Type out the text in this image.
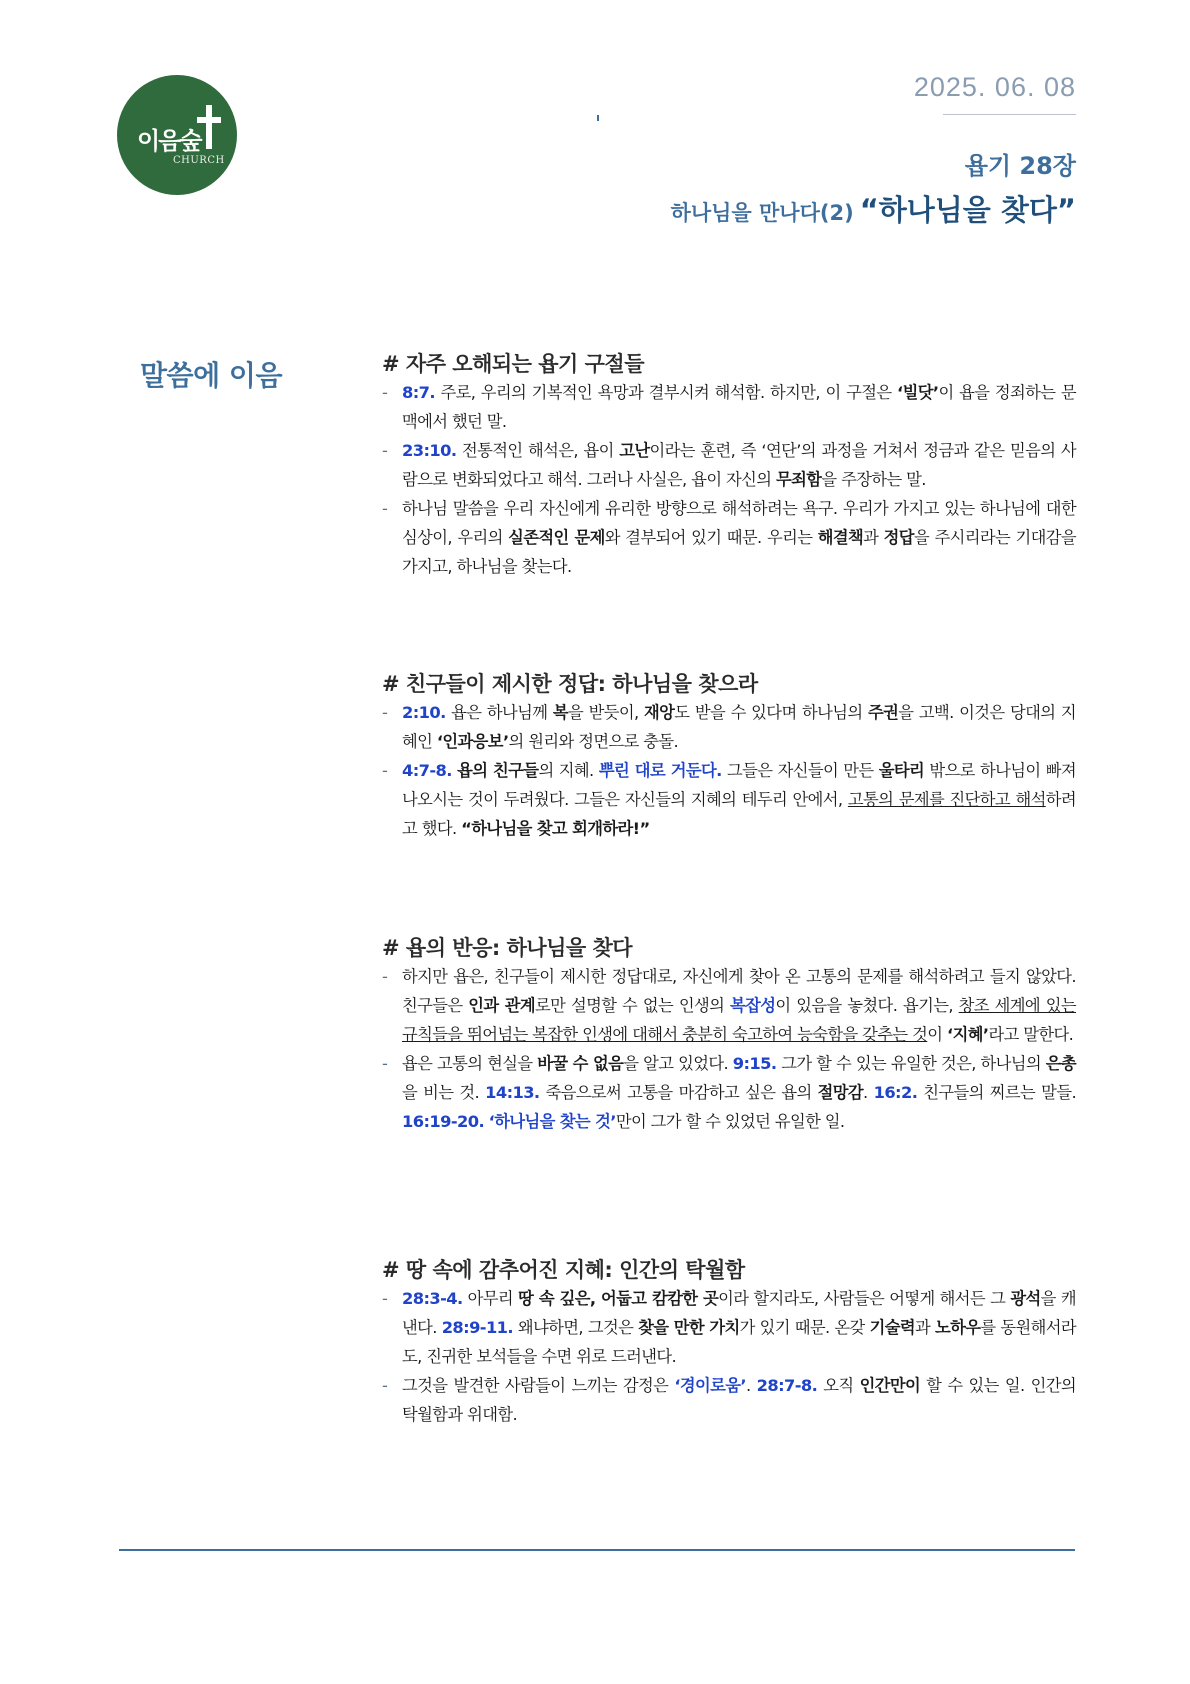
이음숲
CHURCH
2025. 06. 08
욥기 28장
하나님을 만나다(2) “하나님을 찾다”
말씀에 이음	# 자주 오해되는 욥기 구절들
- 8:7. 주로, 우리의 기복적인 욕망과 결부시켜 해석함. 하지만, 이 구절은 ‘빌닷’이 욥을 정죄하는 문맥에서 했던 말.
- 23:10. 전통적인 해석은, 욥이 고난이라는 훈련, 즉 ‘연단’의 과정을 거쳐서 정금과 같은 믿음의 사람으로 변화되었다고 해석. 그러나 사실은, 욥이 자신의 무죄함을 주장하는 말.
- 하나님 말씀을 우리 자신에게 유리한 방향으로 해석하려는 욕구. 우리가 가지고 있는 하나님에 대한 심상이, 우리의 실존적인 문제와 결부되어 있기 때문. 우리는 해결책과 정답을 주시리라는 기대감을 가지고, 하나님을 찾는다.
# 친구들이 제시한 정답: 하나님을 찾으라
- 2:10. 욥은 하나님께 복을 받듯이, 재앙도 받을 수 있다며 하나님의 주권을 고백. 이것은 당대의 지혜인 ‘인과응보’의 원리와 정면으로 충돌.
- 4:7-8. 욥의 친구들의 지혜. 뿌린 대로 거둔다. 그들은 자신들이 만든 울타리 밖으로 하나님이 빠져 나오시는 것이 두려웠다. 그들은 자신들의 지혜의 테두리 안에서, 고통의 문제를 진단하고 해석하려고 했다. “하나님을 찾고 회개하라!”
# 욥의 반응: 하나님을 찾다
- 하지만 욥은, 친구들이 제시한 정답대로, 자신에게 찾아 온 고통의 문제를 해석하려고 들지 않았다. 친구들은 인과 관계로만 설명할 수 없는 인생의 복잡성이 있음을 놓쳤다. 욥기는, 창조 세계에 있는 규칙들을 뛰어넘는 복잡한 인생에 대해서 충분히 숙고하여 능숙함을 갖추는 것이 ‘지혜’라고 말한다.
- 욥은 고통의 현실을 바꿀 수 없음을 알고 있었다. 9:15. 그가 할 수 있는 유일한 것은, 하나님의 은총을 비는 것. 14:13. 죽음으로써 고통을 마감하고 싶은 욥의 절망감. 16:2. 친구들의 찌르는 말들. 16:19-20. ‘하나님을 찾는 것’만이 그가 할 수 있었던 유일한 일.
# 땅 속에 감추어진 지혜: 인간의 탁월함
- 28:3-4. 아무리 땅 속 깊은, 어둡고 캄캄한 곳이라 할지라도, 사람들은 어떻게 해서든 그 광석을 캐낸다. 28:9-11. 왜냐하면, 그것은 찾을 만한 가치가 있기 때문. 온갖 기술력과 노하우를 동원해서라도, 진귀한 보석들을 수면 위로 드러낸다.
- 그것을 발견한 사람들이 느끼는 감정은 ‘경이로움’. 28:7-8. 오직 인간만이 할 수 있는 일. 인간의 탁월함과 위대함.
